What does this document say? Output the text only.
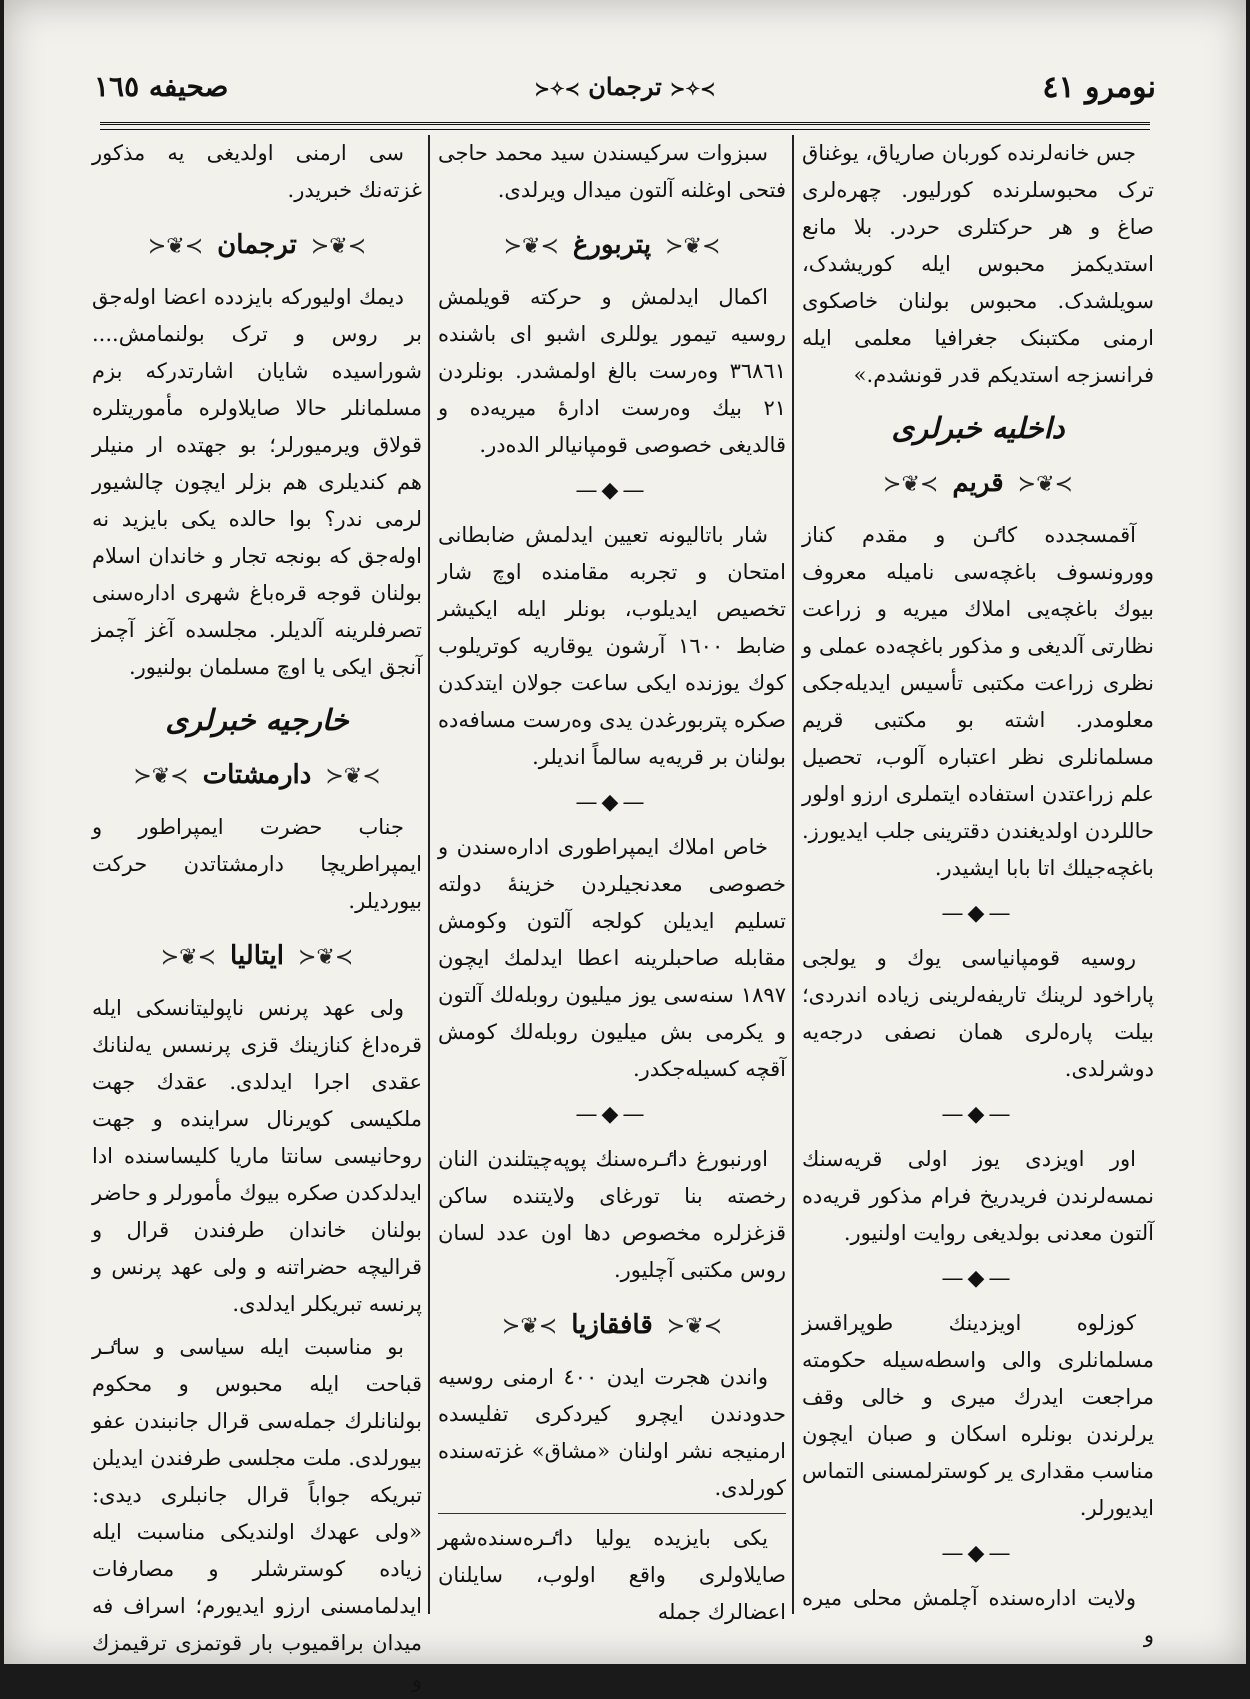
نومرو ٤١
≻✧≺ ترجمان ≻✧≺
صحیفه ١٦٥

جس خانه‌لرنده کوربان صاریاق، یوغناق ترک محبوسلرنده کورلیور. چهره‌لری صاغ و هر حرکتلری حردر. بلا مانع استدیکمز محبوس ایله کوریشدک، سویلشدک. محبوس بولنان خاصکوی ارمنی مکتبنک جغرافیا معلمی ایله فرانسزجه استدیکم قدر قونشدم.»

داخلیه خبرلری
≻❦≺قریم≻❦≺

آقمسجدده کاٸن و مقدم کناز وورونسوف باغچه‌سی نامیله معروف بیوك باغچه‌یی املاك میریه و زراعت نظارتی آلدیغی و مذکور باغچه‌ده عملی و نظری زراعت مکتبی تأسیس ایدیله‌جکی معلومدر. اشته بو مکتبی قریم مسلمانلری نظر اعتباره آلوب، تحصیل علم زراعتدن استفاده ایتملری ارزو اولور حاللردن اولدیغندن دقترینی جلب ایدیورز. باغچه‌جیلك اتا بابا ایشیدر.

—◆—

روسیه قومپانیاسی یوك و یولجی پاراخود لرینك تاریفه‌لرینی زیاده اندردی؛ بیلت پاره‌لری همان نصفی درجه‌یه دوشرلدی.

—◆—

اور اویزدی یوز اولی قریه‌سنك نمسه‌لرندن فریدریخ فرام مذکور قریه‌ده آلتون معدنی بولدیغی روایت اولنیور.

—◆—

کوزلوه اویزدینك طوپراقسز مسلمانلری والی واسطه‌سیله حکومته مراجعت ایدرك میری و خالی وقف یرلرندن بونلره اسکان و صبان ایچون مناسب مقداری یر کوسترلمسنی التماس ایدیورلر.

—◆—

ولایت اداره‌سنده آچلمش محلی میره و

سبزوات سرکیسندن سید محمد حاجی فتحی اوغلنه آلتون میدال ویرلدی.

≻❦≺پتربورغ≻❦≺

اکمال ایدلمش و حرکته قویلمش روسیه تیمور یوللری اشبو ای باشنده ٣٦٨٦١ وه‌رست بالغ اولمشدر. بونلردن ٢١ بیك وه‌رست ادارهٔ میریه‌ده و قالدیغی خصوصی قومپانیالر الده‌در.

—◆—

شار باتالیونه تعیین ایدلمش ضابطانی امتحان و تجربه مقامنده اوچ شار تخصیص ایدیلوب، بونلر ایله ایکیشر ضابط ١٦٠٠ آرشون یوقاریه کوتریلوب کوك یوزنده ایکی ساعت جولان ایتدکدن صکره پتربورغدن یدی وه‌رست مسافه‌ده بولنان بر قریه‌یه سالماً اندیلر.

—◆—

خاص املاك ایمپراطوری اداره‌سندن و خصوصی معدنجیلردن خزینهٔ دولته تسلیم ایدیلن کولجه آلتون وکومش مقابله صاحبلرینه اعطا ایدلمك ایچون ١٨٩٧ سنه‌سی یوز میلیون روبله‌لك آلتون و یکرمی بش میلیون روبله‌لك کومش آقچه کسیله‌جکدر.

—◆—

اورنبورغ داٸره‌سنك پوپه‌چیتلندن النان رخصته بنا تورغای ولایتنده ساکن قزغزلره مخصوص دها اون عدد لسان روس مکتبی آچلیور.

≻❦≺قافقازیا≻❦≺

واندن هجرت ایدن ٤٠٠ ارمنی روسیه حدودندن ایچرو کیردکری تفلیسده ارمنیجه نشر اولنان «مشاق» غزته‌سنده کورلدی.

یکی بایزیده یولیا داٸره‌سنده‌شهر صایلاولری واقع اولوب، سایلنان اعضالرك جمله

سی ارمنی اولدیغی یه مذکور غزته‌نك خبریدر.

≻❦≺ترجمان≻❦≺

دیمك اولیورکه بایزدده اعضا اوله‌جق بر روس و ترک بولنمامش.... شوراسیده شایان اشارتدرکه بزم مسلمانلر حالا صایلاولره مأموریتلره قولاق ویرمیورلر؛ بو جهتده ار منیلر هم کندیلری هم بزلر ایچون چالشیور لرمی ندر؟ بوا حالده یکی بایزید نه اوله‌جق که بونجه تجار و خاندان اسلام بولنان قوجه قره‌باغ شهری اداره‌سنی تصرفلرینه آلدیلر. مجلسده آغز آچمز آنجق ایکی یا اوچ مسلمان بولنیور.

خارجیه خبرلری
≻❦≺دارمشتات≻❦≺

جناب حضرت ایمپراطور و ایمپراطریچا دارمشتاتدن حرکت بیوردیلر.

≻❦≺ایتالیا≻❦≺

ولی عهد پرنس ناپولیتانسکی ایله قره‌داغ کنازینك قزی پرنسس یه‌لنانك عقدی اجرا ایدلدی. عقدك جهت ملکیسی کویرنال سرایندە و جهت روحانیسی سانتا ماریا کلیساسنده ادا ایدلدکدن صکره بیوك مأمورلر و حاضر بولنان خاندان طرفندن قرال و قرالیچه حضراتنه و ولی عهد پرنس و پرنسه تبریکلر ایدلدی.

بو مناسبت ایله سیاسی و ساٸر قباحت ایله محبوس و محکوم بولنانلرك جمله‌سی قرال جانبندن عفو بیورلدی. ملت مجلسی طرفندن ایدیلن تبریکه جواباً قرال جانبلری دیدی: «ولی عهدك اولندیکی مناسبت ایله زیاده کوسترشلر و مصارفات ایدلمامسنی ارزو ایدیورم؛ اسراف فه میدان براقمیوب بار قوتمزی ترقیمزك و
